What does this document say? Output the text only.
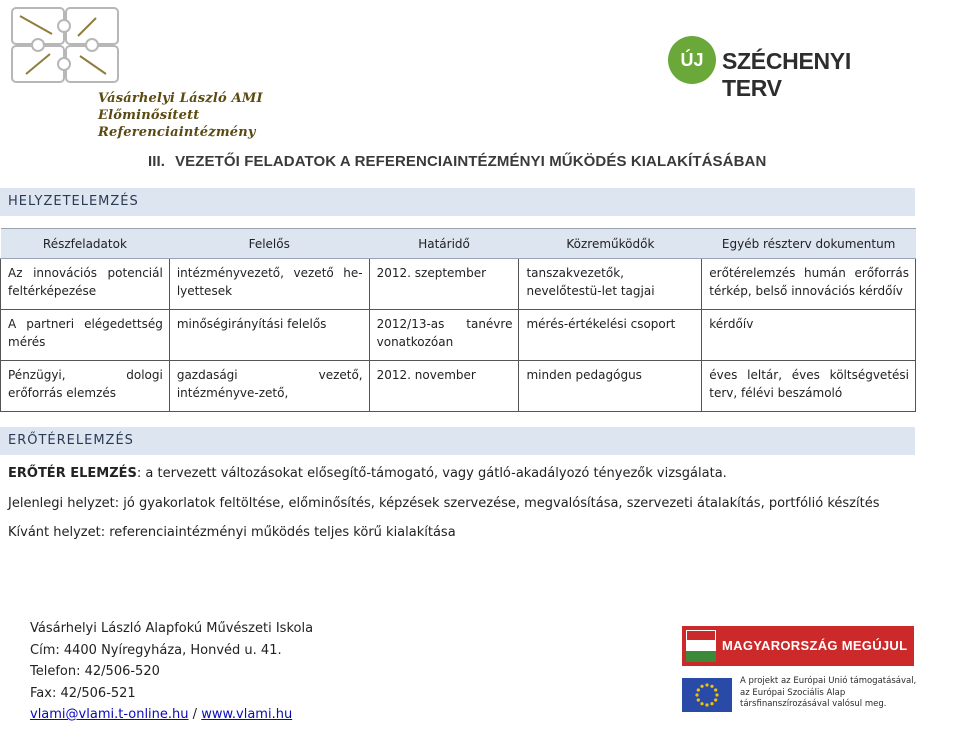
Vásárhelyi László AMI
Előminősített Referenciaintézmény
ÚJ SZÉCHENYI TERV
III. VEZETŐI FELADATOK A REFERENCIAINTÉZMÉNYI MŰKÖDÉS KIALAKÍTÁSÁBAN
HELYZETELEMZÉS
Részfeladatok	Felelős	Határidő	Közreműködők	Egyéb részterv dokumentum
Az innovációs potenciál feltérképezése	intézményvezető, vezető he-lyettesek	2012. szeptember	tanszakvezetők, nevelőtestü-let tagjai	erőtérelemzés humán erőforrás térkép, belső innovációs kérdőív
A partneri elégedettség mérés	minőségirányítási felelős	2012/13-as tanévre vonatkozóan	mérés-értékelési csoport	kérdőív
Pénzügyi, dologi erőforrás elemzés	gazdasági vezető, intézményve-zető,	2012. november	minden pedagógus	éves leltár, éves költségvetési terv, félévi beszámoló
ERŐTÉRELEMZÉS
ERŐTÉR ELEMZÉS: a tervezett változásokat elősegítő-támogató, vagy gátló-akadályozó tényezők vizsgálata.
Jelenlegi helyzet: jó gyakorlatok feltöltése, előminősítés, képzések szervezése, megvalósítása, szervezeti átalakítás, portfólió készítés
Kívánt helyzet: referenciaintézményi működés teljes körű kialakítása
Vásárhelyi László Alapfokú Művészeti Iskola
Cím: 4400 Nyíregyháza, Honvéd u. 41.
Telefon: 42/506-520
Fax: 42/506-521
vlami@vlami.t-online.hu / www.vlami.hu
MAGYARORSZÁG MEGÚJUL
A projekt az Európai Unió támogatásával,
az Európai Szociális Alap
társfinanszírozásával valósul meg.
